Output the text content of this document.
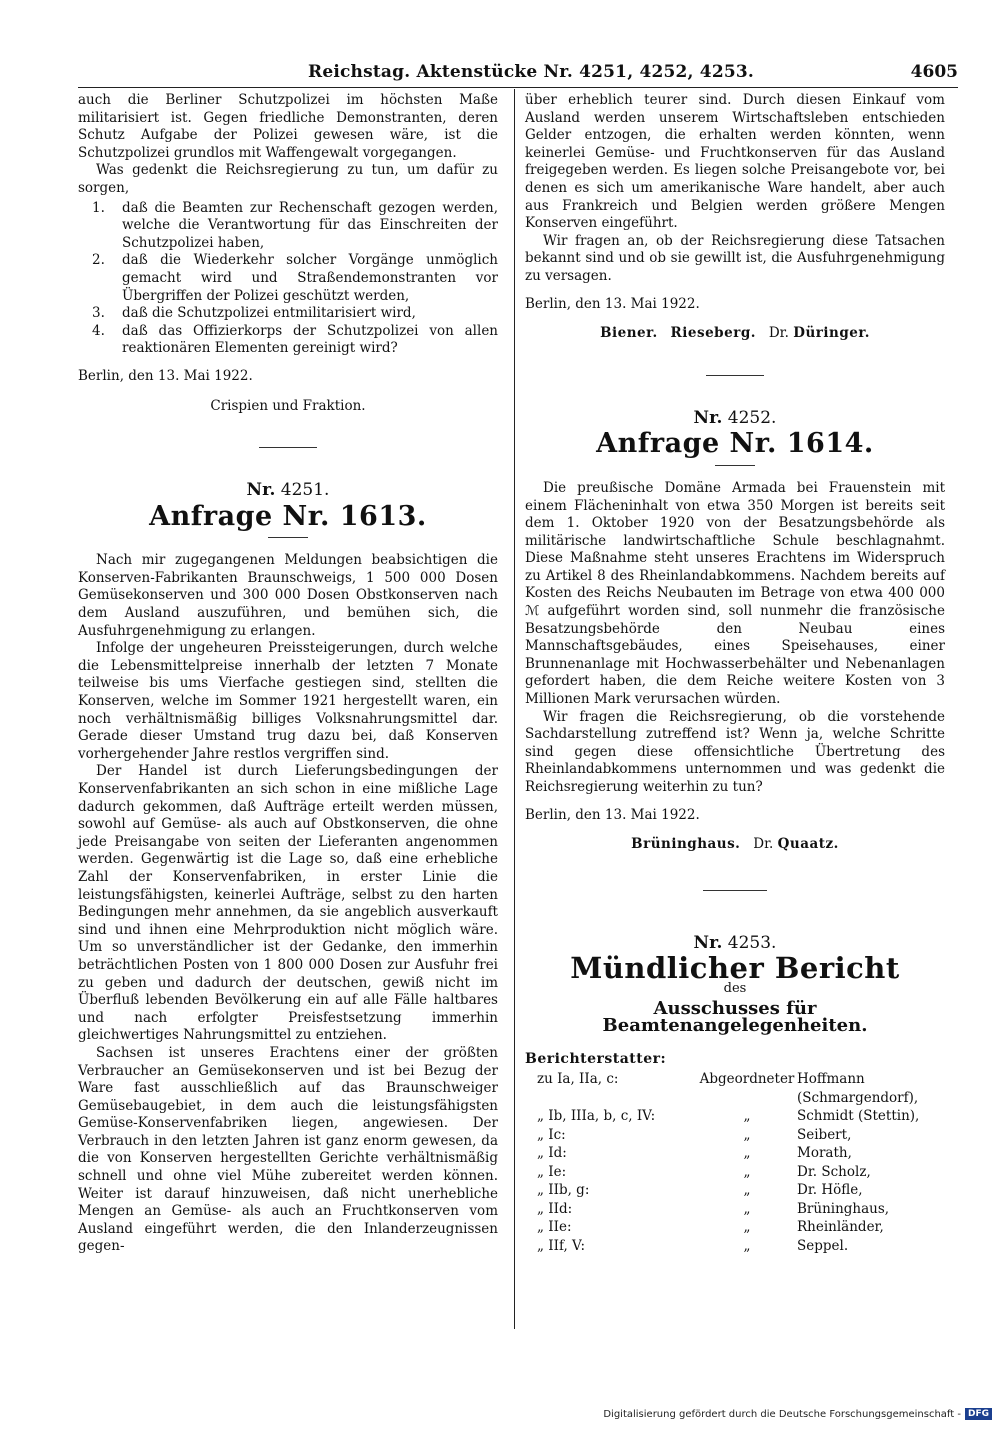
Reichstag. Aktenstücke Nr. 4251, 4252, 4253.	4605

auch die Berliner Schutzpolizei im höchsten Maße militarisiert ist. Gegen friedliche Demonstranten, deren Schutz Aufgabe der Polizei gewesen wäre, ist die Schutzpolizei grundlos mit Waffengewalt vorgegangen.

Was gedenkt die Reichsregierung zu tun, um dafür zu sorgen,

1. daß die Beamten zur Rechenschaft gezogen werden, welche die Verantwortung für das Einschreiten der Schutzpolizei haben,
2. daß die Wiederkehr solcher Vorgänge unmöglich gemacht wird und Straßendemonstranten vor Übergriffen der Polizei geschützt werden,
3. daß die Schutzpolizei entmilitarisiert wird,
4. daß das Offizierkorps der Schutzpolizei von allen reaktionären Elementen gereinigt wird?

Berlin, den 13. Mai 1922.

Crispien und Fraktion.

Nr. 4251.

Anfrage Nr. 1613.

Nach mir zugegangenen Meldungen beabsichtigen die Konserven-Fabrikanten Braunschweigs, 1 500 000 Dosen Gemüsekonserven und 300 000 Dosen Obstkonserven nach dem Ausland auszuführen, und bemühen sich, die Ausfuhrgenehmigung zu erlangen.

Infolge der ungeheuren Preissteigerungen, durch welche die Lebensmittelpreise innerhalb der letzten 7 Monate teilweise bis ums Vierfache gestiegen sind, stellten die Konserven, welche im Sommer 1921 hergestellt waren, ein noch verhältnismäßig billiges Volksnahrungsmittel dar. Gerade dieser Umstand trug dazu bei, daß Konserven vorhergehender Jahre restlos vergriffen sind.

Der Handel ist durch Lieferungsbedingungen der Konservenfabrikanten an sich schon in eine mißliche Lage dadurch gekommen, daß Aufträge erteilt werden müssen, sowohl auf Gemüse- als auch auf Obstkonserven, die ohne jede Preisangabe von seiten der Lieferanten angenommen werden. Gegenwärtig ist die Lage so, daß eine erhebliche Zahl der Konservenfabriken, in erster Linie die leistungsfähigsten, keinerlei Aufträge, selbst zu den harten Bedingungen mehr annehmen, da sie angeblich ausverkauft sind und ihnen eine Mehrproduktion nicht möglich wäre. Um so unverständlicher ist der Gedanke, den immerhin beträchtlichen Posten von 1 800 000 Dosen zur Ausfuhr frei zu geben und dadurch der deutschen, gewiß nicht im Überfluß lebenden Bevölkerung ein auf alle Fälle haltbares und nach erfolgter Preisfestsetzung immerhin gleichwertiges Nahrungsmittel zu entziehen.

Sachsen ist unseres Erachtens einer der größten Verbraucher an Gemüsekonserven und ist bei Bezug der Ware fast ausschließlich auf das Braunschweiger Gemüsebaugebiet, in dem auch die leistungsfähigsten Gemüse-Konservenfabriken liegen, angewiesen. Der Verbrauch in den letzten Jahren ist ganz enorm gewesen, da die von Konserven hergestellten Gerichte verhältnismäßig schnell und ohne viel Mühe zubereitet werden können. Weiter ist darauf hinzuweisen, daß nicht unerhebliche Mengen an Gemüse- als auch an Fruchtkonserven vom Ausland eingeführt werden, die den Inlanderzeugnissen gegen-

über erheblich teurer sind. Durch diesen Einkauf vom Ausland werden unserem Wirtschaftsleben entschieden Gelder entzogen, die erhalten werden könnten, wenn keinerlei Gemüse- und Fruchtkonserven für das Ausland freigegeben werden. Es liegen solche Preisangebote vor, bei denen es sich um amerikanische Ware handelt, aber auch aus Frankreich und Belgien werden größere Mengen Konserven eingeführt.

Wir fragen an, ob der Reichsregierung diese Tatsachen bekannt sind und ob sie gewillt ist, die Ausfuhrgenehmigung zu versagen.

Berlin, den 13. Mai 1922.

Biener. Rieseberg. Dr. Düringer.

Nr. 4252.

Anfrage Nr. 1614.

Die preußische Domäne Armada bei Frauenstein mit einem Flächeninhalt von etwa 350 Morgen ist bereits seit dem 1. Oktober 1920 von der Besatzungsbehörde als militärische landwirtschaftliche Schule beschlagnahmt. Diese Maßnahme steht unseres Erachtens im Widerspruch zu Artikel 8 des Rheinlandabkommens. Nachdem bereits auf Kosten des Reichs Neubauten im Betrage von etwa 400 000 ℳ aufgeführt worden sind, soll nunmehr die französische Besatzungsbehörde den Neubau eines Mannschaftsgebäudes, eines Speisehauses, einer Brunnenanlage mit Hochwasserbehälter und Nebenanlagen gefordert haben, die dem Reiche weitere Kosten von 3 Millionen Mark verursachen würden.

Wir fragen die Reichsregierung, ob die vorstehende Sachdarstellung zutreffend ist? Wenn ja, welche Schritte sind gegen diese offensichtliche Übertretung des Rheinlandabkommens unternommen und was gedenkt die Reichsregierung weiterhin zu tun?

Berlin, den 13. Mai 1922.

Brüninghaus. Dr. Quaatz.

Nr. 4253.

Mündlicher Bericht
des
Ausschusses für Beamtenangelegenheiten.
Berichterstatter:
zu Ia, IIa, c:	Abgeordneter	Hoffmann
		(Schmargendorf),
„ Ib, IIIa, b, c, IV:	„	Schmidt (Stettin),
„ Ic:	„	Seibert,
„ Id:	„	Morath,
„ Ie:	„	Dr. Scholz,
„ IIb, g:	„	Dr. Höfle,
„ IId:	„	Brüninghaus,
„ IIe:	„	Rheinländer,
„ IIf, V:	„	Seppel.
Digitalisierung gefördert durch die Deutsche Forschungsgemeinschaft - DFG
